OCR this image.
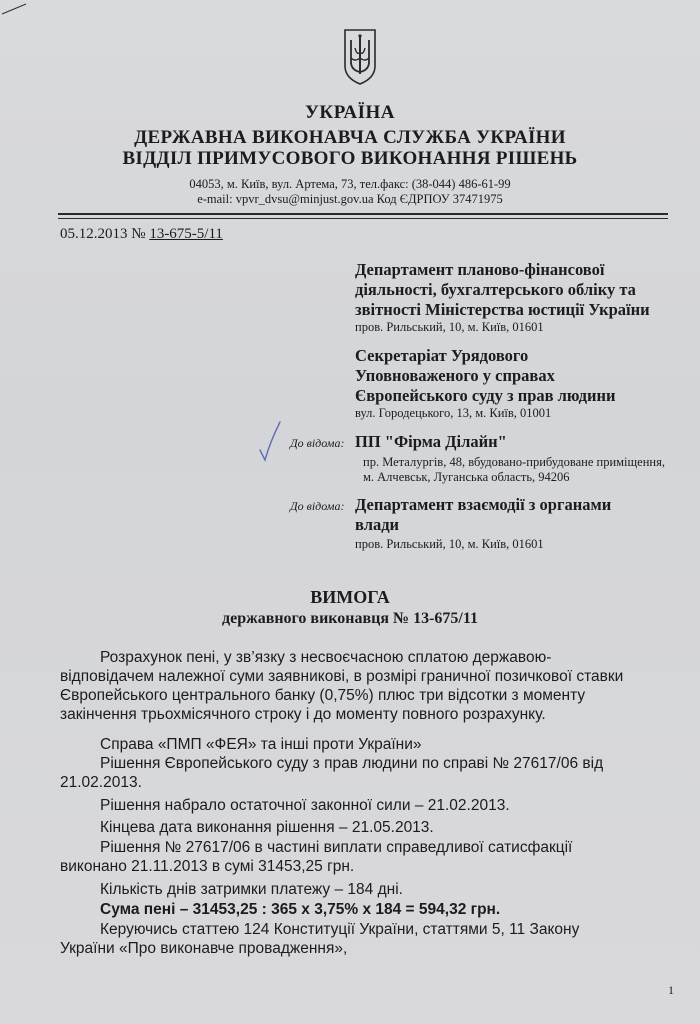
УКРАЇНА
ДЕРЖАВНА ВИКОНАВЧА СЛУЖБА УКРАЇНИ
ВІДДІЛ ПРИМУСОВОГО ВИКОНАННЯ РІШЕНЬ
04053, м. Київ, вул. Артема, 73, тел.факс: (38-044) 486-61-99
e-mail: vpvr_dvsu@minjust.gov.ua Код ЄДРПОУ 37471975
05.12.2013 № 13-675-5/11
Департамент планово-фінансової
діяльності, бухгалтерського обліку та
звітності Міністерства юстиції України
пров. Рильський, 10, м. Київ, 01601
Секретаріат Урядового
Уповноваженого у справах
Європейського суду з прав людини
вул. Городецького, 13, м. Київ, 01001
До відома: ПП "Фірма Ділайн"
пр. Металургів, 48, вбудовано-прибудоване приміщення,
м. Алчевськ, Луганська область, 94206
До відома: Департамент взаємодії з органами
влади
пров. Рильський, 10, м. Київ, 01601
ВИМОГА
державного виконавця № 13-675/11
Розрахунок пені, у зв’язку з несвоєчасною сплатою державою-
відповідачем належної суми заявникові, в розмірі граничної позичкової ставки
Європейського центрального банку (0,75%) плюс три відсотки з моменту
закінчення трьохмісячного строку і до моменту повного розрахунку.
Справа «ПМП «ФЕЯ» та інші проти України»
Рішення Європейського суду з прав людини по справі № 27617/06 від
21.02.2013.
Рішення набрало остаточної законної сили – 21.02.2013.
Кінцева дата виконання рішення – 21.05.2013.
Рішення № 27617/06 в частині виплати справедливої сатисфакції
виконано 21.11.2013 в сумі 31453,25 грн.
Кількість днів затримки платежу – 184 дні.
Сума пені – 31453,25 : 365 х 3,75% х 184 = 594,32 грн.
Керуючись статтею 124 Конституції України, статтями 5, 11 Закону
України «Про виконавче провадження»,
1
